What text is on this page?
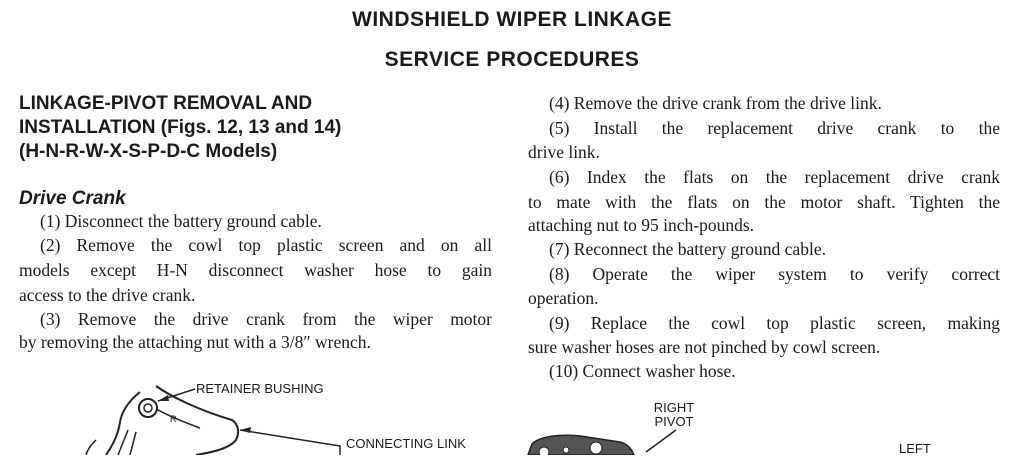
WINDSHIELD WIPER LINKAGE
SERVICE PROCEDURES
LINKAGE-PIVOT REMOVAL AND
INSTALLATION (Figs. 12, 13 and 14)
(H-N-R-W-X-S-P-D-C Models)
Drive Crank
(1) Disconnect the battery ground cable.
(2) Remove the cowl top plastic screen and on all
models except H-N disconnect washer hose to gain
access to the drive crank.
(3) Remove the drive crank from the wiper motor
by removing the attaching nut with a 3/8″ wrench.
(4) Remove the drive crank from the drive link.
(5) Install the replacement drive crank to the
drive link.
(6) Index the flats on the replacement drive crank
to mate with the flats on the motor shaft. Tighten the
attaching nut to 95 inch-pounds.
(7) Reconnect the battery ground cable.
(8) Operate the wiper system to verify correct
operation.
(9) Replace the cowl top plastic screen, making
sure washer hoses are not pinched by cowl screen.
(10) Connect washer hose.
R
RETAINER BUSHING
CONNECTING LINK
RIGHT
PIVOT
LEFT
